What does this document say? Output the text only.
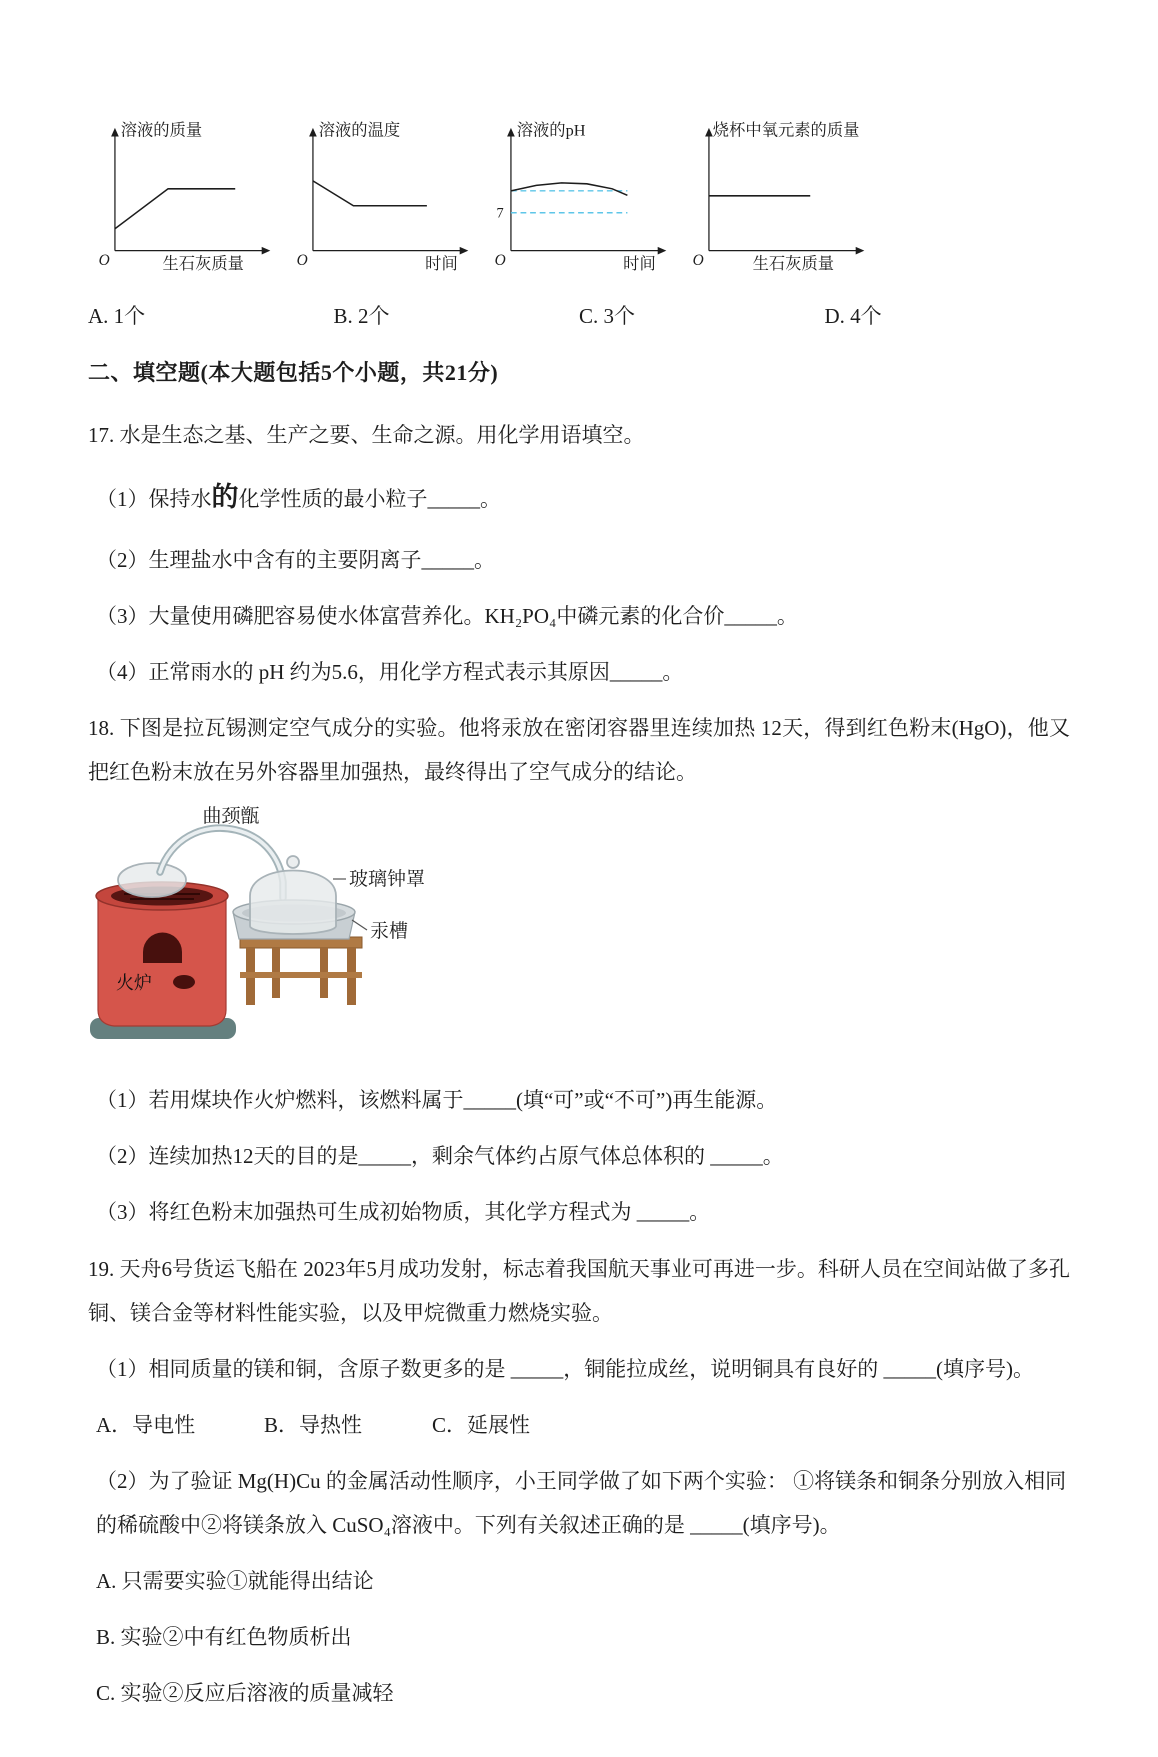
溶液的质量
生石灰质量
O
溶液的温度
时间
O
溶液的pH
时间
O
7
烧杯中氧元素的质量
生石灰质量
O
A. 1个	B. 2个	C. 3个	D. 4个
二、填空题(本大题包括5个小题，共21分)

17. 水是生态之基、生产之要、生命之源。用化学用语填空。

（1）保持水的化学性质的最小粒子_____。

（2）生理盐水中含有的主要阴离子_____。

（3）大量使用磷肥容易使水体富营养化。KH₂PO₄中磷元素的化合价_____。

（4）正常雨水的 pH 约为5.6，用化学方程式表示其原因_____。

18. 下图是拉瓦锡测定空气成分的实验。他将汞放在密闭容器里连续加热 12天，得到红色粉末(HgO)，他又把红色粉末放在另外容器里加强热，最终得出了空气成分的结论。

火炉
曲颈甑
玻璃钟罩
汞槽

（1）若用煤块作火炉燃料，该燃料属于_____(填“可”或“不可”)再生能源。

（2）连续加热12天的目的是_____，剩余气体约占原气体总体积的 _____。

（3）将红色粉末加强热可生成初始物质，其化学方程式为 _____。

19. 天舟6号货运飞船在 2023年5月成功发射，标志着我国航天事业可再进一步。科研人员在空间站做了多孔铜、镁合金等材料性能实验，以及甲烷微重力燃烧实验。

（1）相同质量的镁和铜，含原子数更多的是 _____，铜能拉成丝，说明铜具有良好的 _____(填序号)。

A．导电性	B．导热性	C．延展性

（2）为了验证 Mg(H)Cu 的金属活动性顺序，小王同学做了如下两个实验： ①将镁条和铜条分别放入相同的稀硫酸中②将镁条放入 CuSO₄溶液中。下列有关叙述正确的是 _____(填序号)。

A. 只需要实验①就能得出结论

B. 实验②中有红色物质析出

C. 实验②反应后溶液的质量减轻
